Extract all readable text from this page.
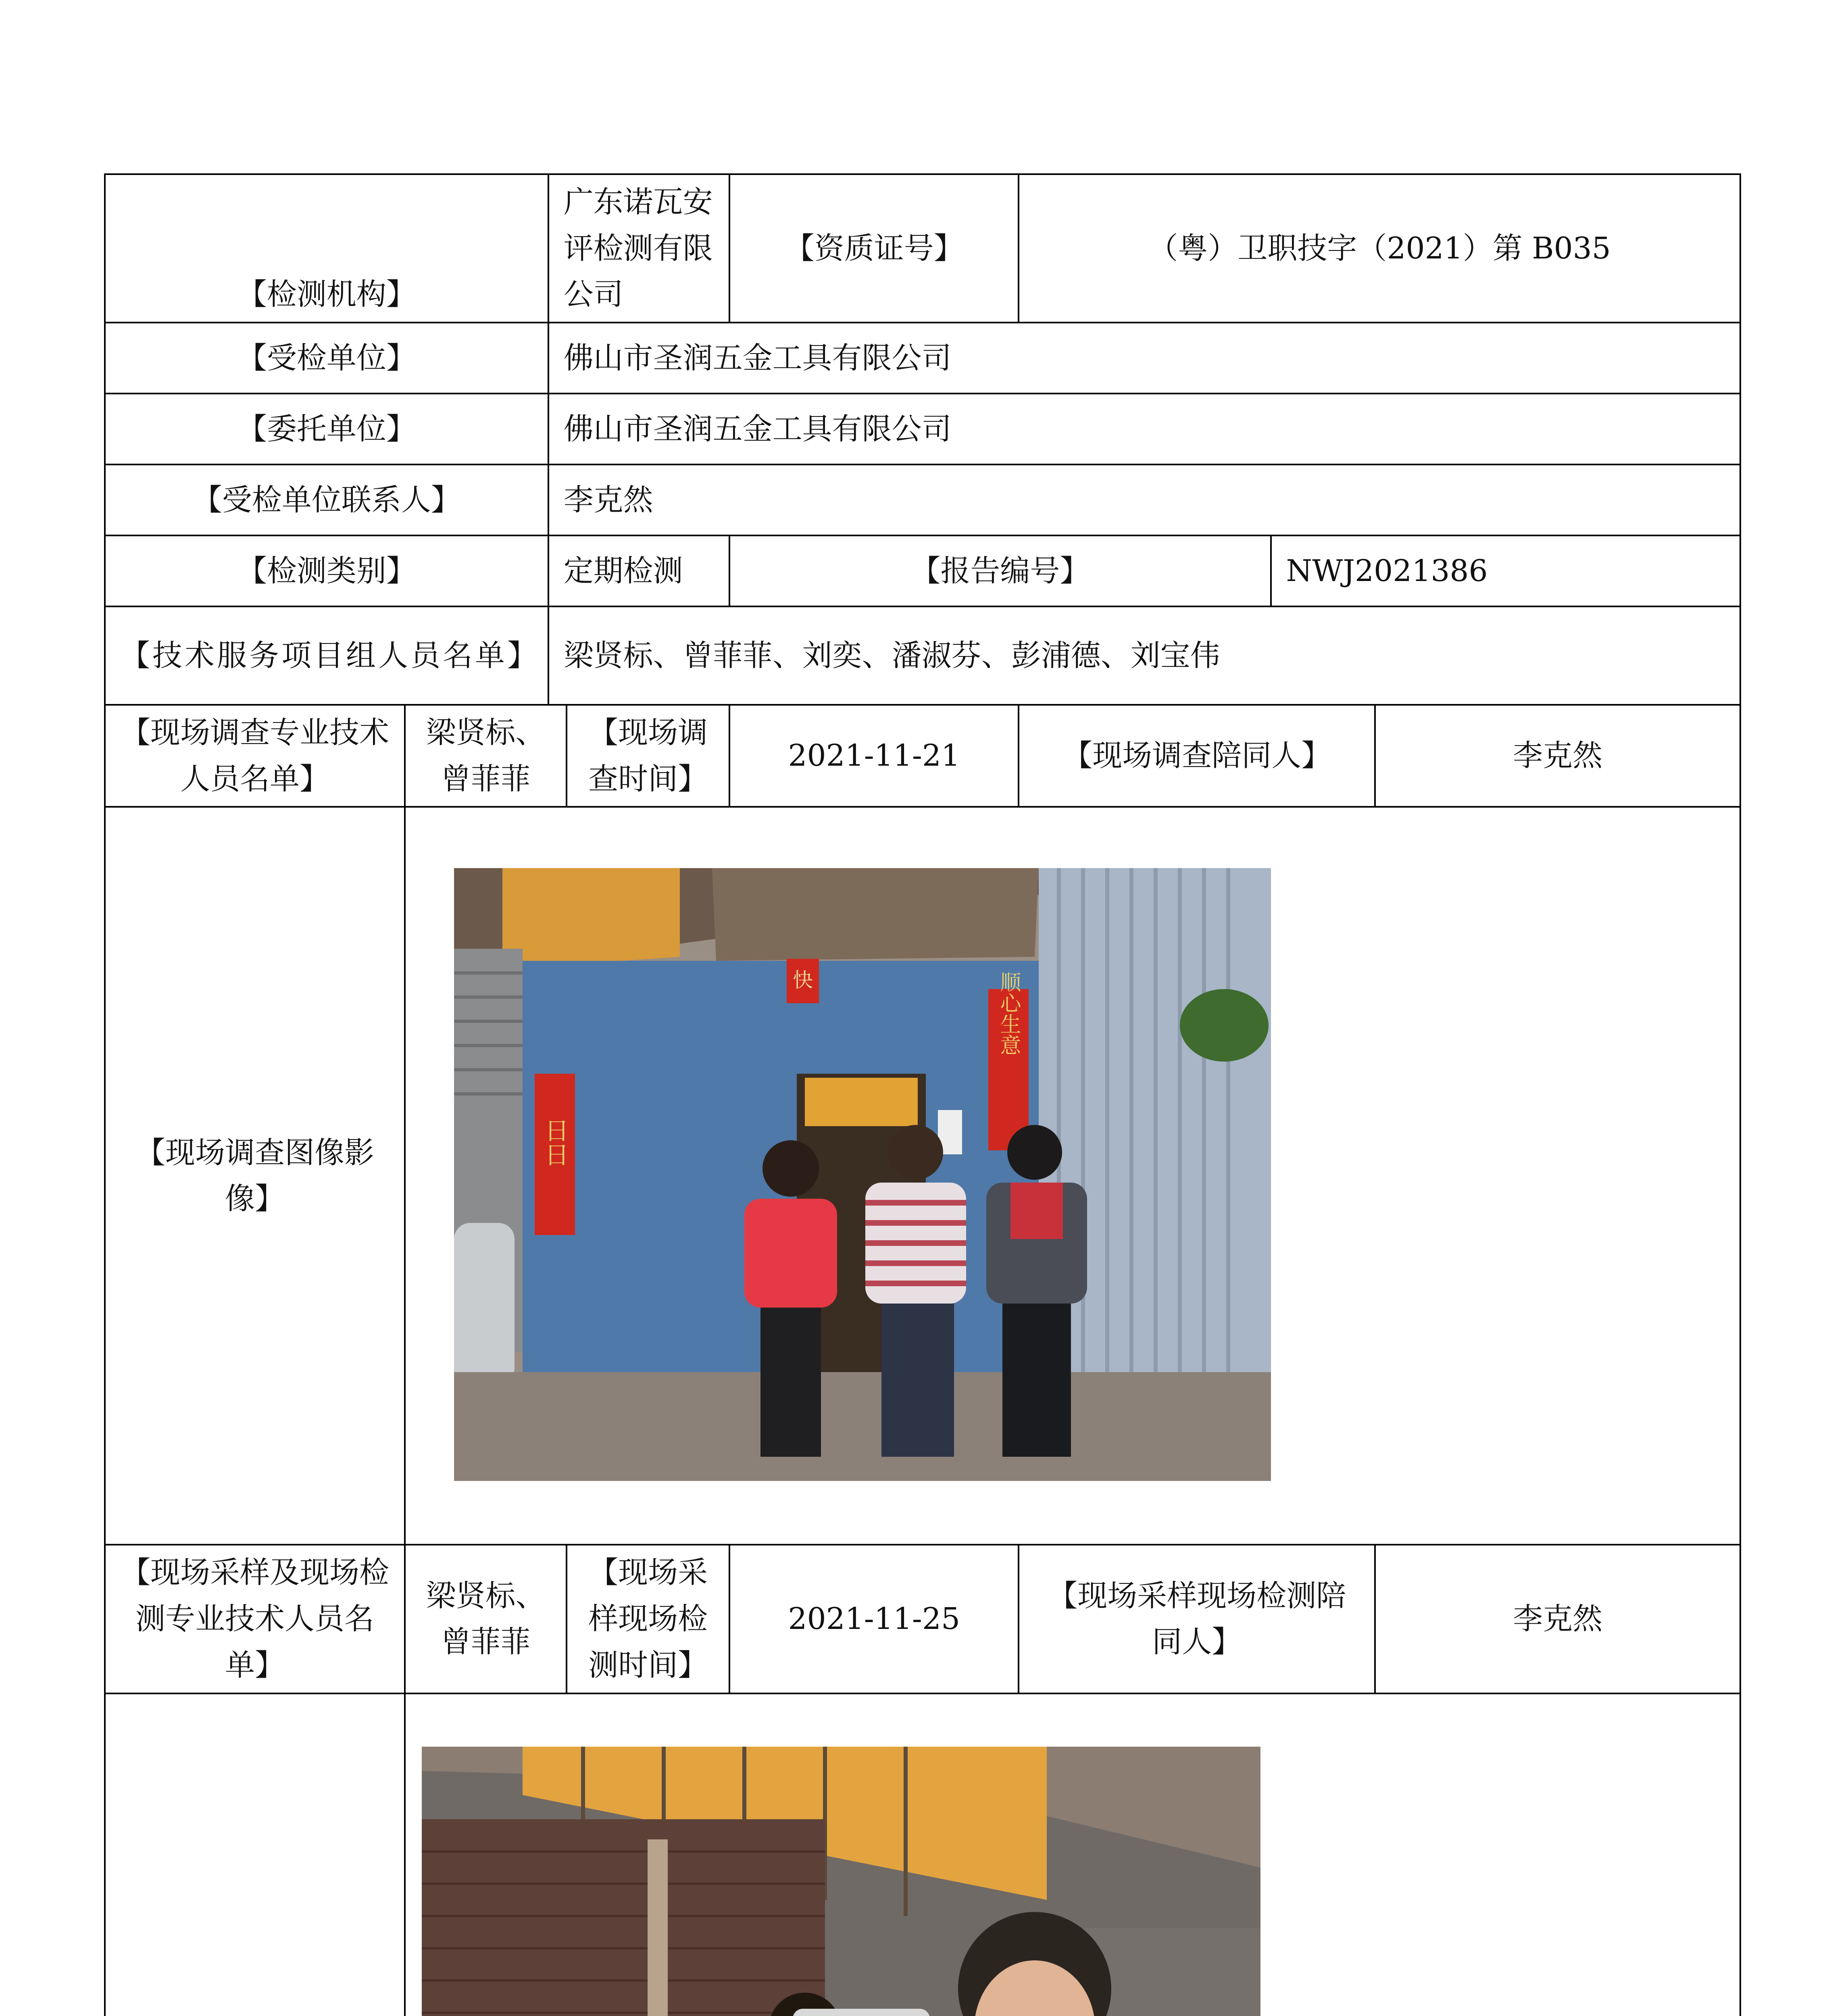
【检测机构】		广东诺瓦安评检测有限公司		【资质证号】	（粤）卫职技字（2021）第 B035		
【受检单位】		佛山市圣润五金工具有限公司					
【委托单位】		佛山市圣润五金工具有限公司					
【受检单位联系人】		李克然					
【检测类别】		定期检测		【报告编号】		NWJ2021386	
【技术服务项目组人员名单】		梁贤标、曾菲菲、刘奕、潘淑芬、彭浦德、刘宝伟					
【现场调查专业技术人员名单】	梁贤标、曾菲菲		【现场调查时间】	2021-11-21	【现场调查陪同人】		李克然
【现场调查图像影像】	日日
快 顺心生意						

【现场采样及现场检测专业技术人员名单】	梁贤标、曾菲菲		【现场采样现场检测时间】	2021-11-25	【现场采样现场检测陪同人】		李克然
